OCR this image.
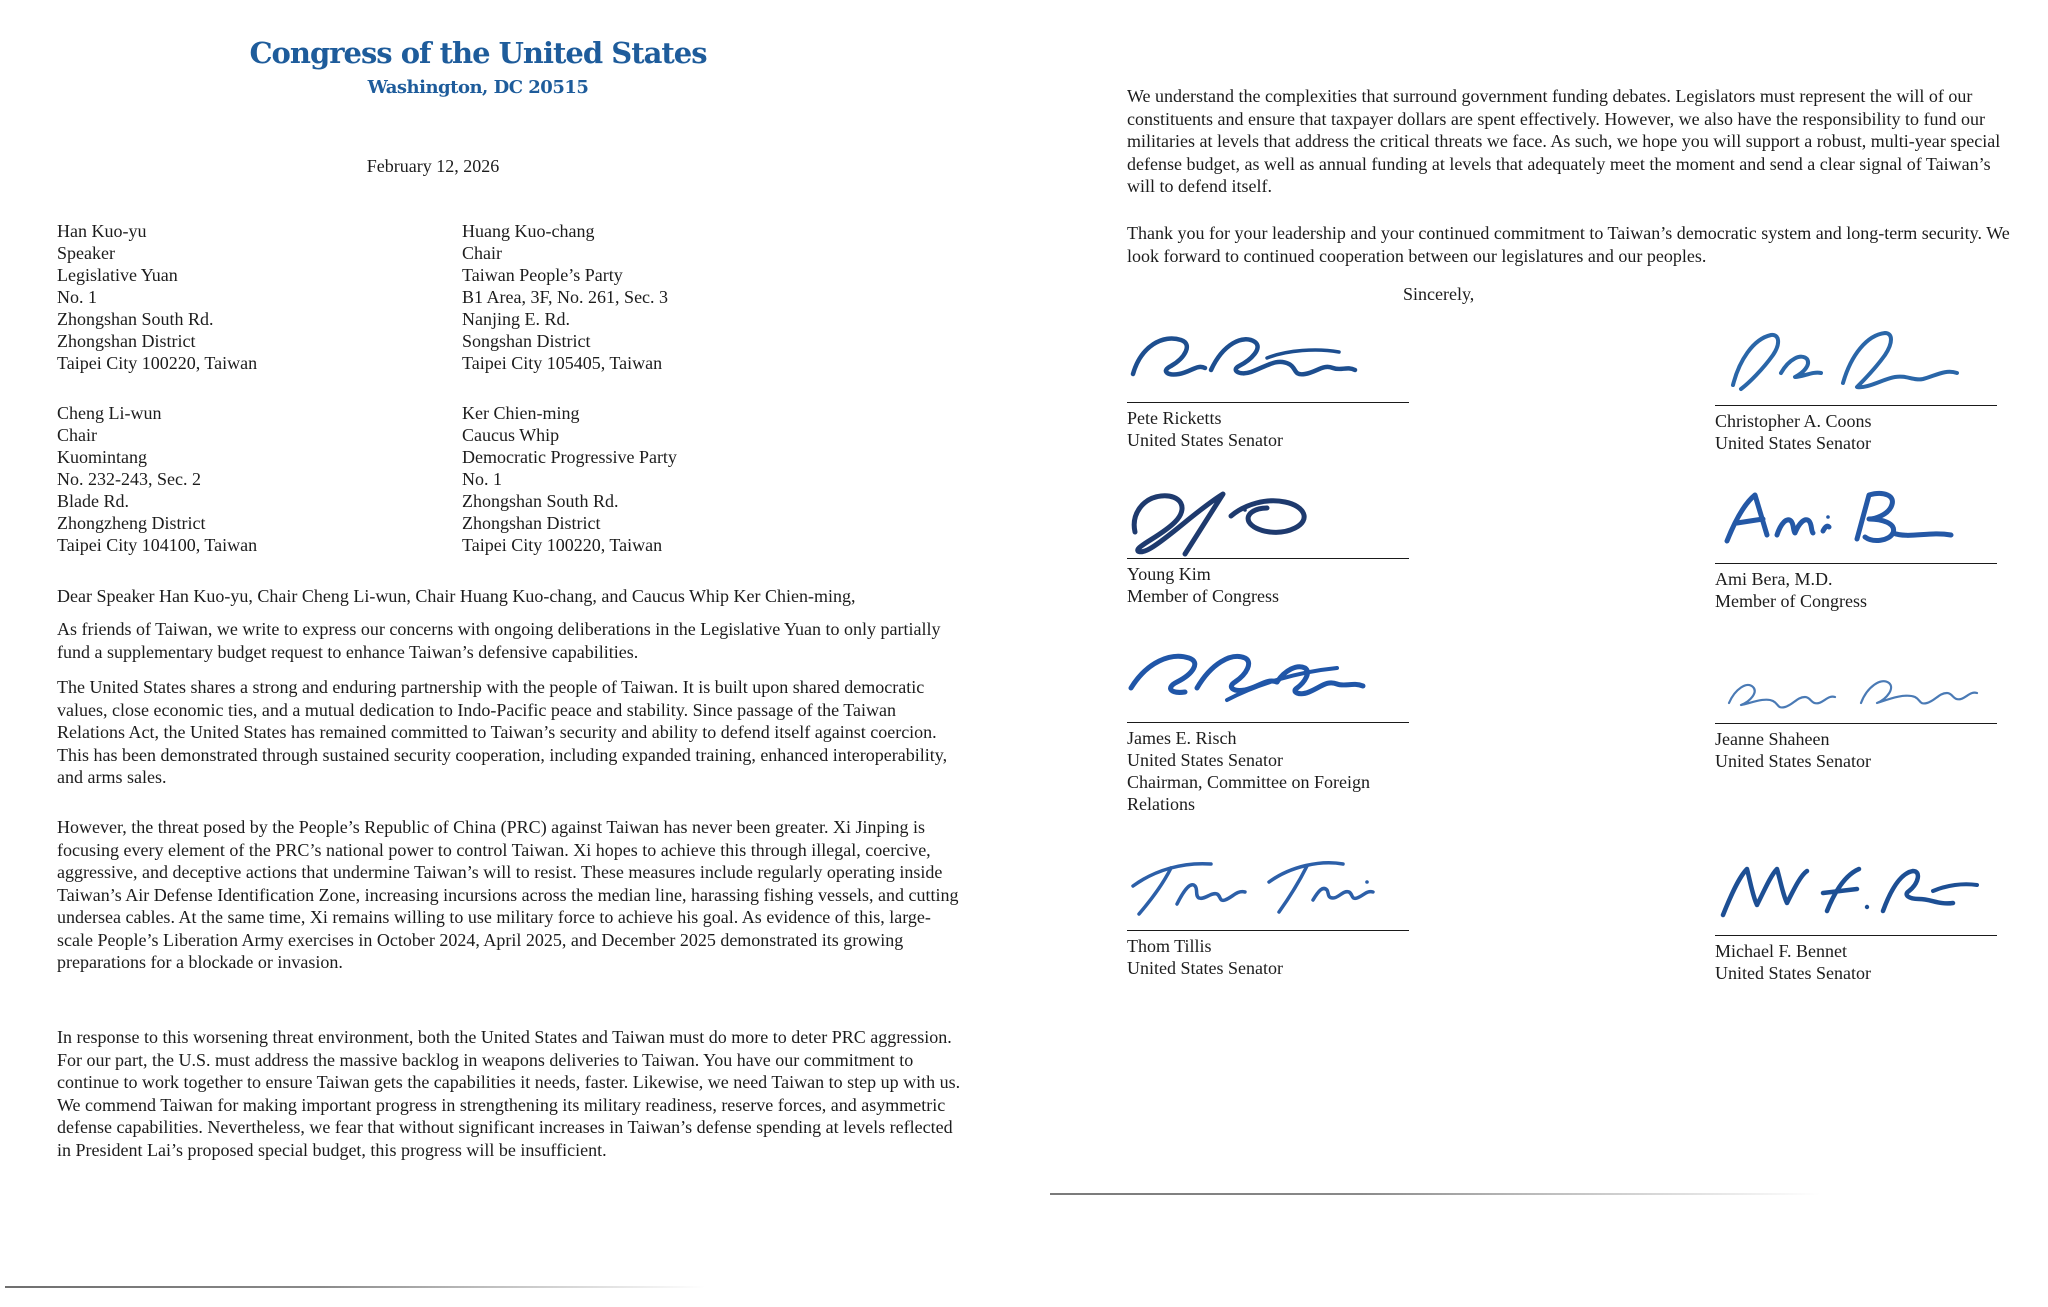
Congress of the United States
Washington, DC 20515
February 12, 2026
Han Kuo-yu
Speaker
Legislative Yuan
No. 1
Zhongshan South Rd.
Zhongshan District
Taipei City 100220, Taiwan
Huang Kuo-chang
Chair
Taiwan People’s Party
B1 Area, 3F, No. 261, Sec. 3
Nanjing E. Rd.
Songshan District
Taipei City 105405, Taiwan
Cheng Li-wun
Chair
Kuomintang
No. 232-243, Sec. 2
Blade Rd.
Zhongzheng District
Taipei City 104100, Taiwan
Ker Chien-ming
Caucus Whip
Democratic Progressive Party
No. 1
Zhongshan South Rd.
Zhongshan District
Taipei City 100220, Taiwan
Dear Speaker Han Kuo-yu, Chair Cheng Li-wun, Chair Huang Kuo-chang, and Caucus Whip Ker Chien-ming,

As friends of Taiwan, we write to express our concerns with ongoing deliberations in the Legislative Yuan to only partially fund a supplementary budget request to enhance Taiwan’s defensive capabilities.

The United States shares a strong and enduring partnership with the people of Taiwan. It is built upon shared democratic values, close economic ties, and a mutual dedication to Indo-Pacific peace and stability. Since passage of the Taiwan Relations Act, the United States has remained committed to Taiwan’s security and ability to defend itself against coercion. This has been demonstrated through sustained security cooperation, including expanded training, enhanced interoperability, and arms sales.

However, the threat posed by the People’s Republic of China (PRC) against Taiwan has never been greater. Xi Jinping is focusing every element of the PRC’s national power to control Taiwan. Xi hopes to achieve this through illegal, coercive, aggressive, and deceptive actions that undermine Taiwan’s will to resist. These measures include regularly operating inside Taiwan’s Air Defense Identification Zone, increasing incursions across the median line, harassing fishing vessels, and cutting undersea cables. At the same time, Xi remains willing to use military force to achieve his goal. As evidence of this, large-scale People’s Liberation Army exercises in October 2024, April 2025, and December 2025 demonstrated its growing preparations for a blockade or invasion.

In response to this worsening threat environment, both the United States and Taiwan must do more to deter PRC aggression. For our part, the U.S. must address the massive backlog in weapons deliveries to Taiwan. You have our commitment to continue to work together to ensure Taiwan gets the capabilities it needs, faster. Likewise, we need Taiwan to step up with us. We commend Taiwan for making important progress in strengthening its military readiness, reserve forces, and asymmetric defense capabilities. Nevertheless, we fear that without significant increases in Taiwan’s defense spending at levels reflected in President Lai’s proposed special budget, this progress will be insufficient.

We understand the complexities that surround government funding debates. Legislators must represent the will of our constituents and ensure that taxpayer dollars are spent effectively. However, we also have the responsibility to fund our militaries at levels that address the critical threats we face. As such, we hope you will support a robust, multi-year special defense budget, as well as annual funding at levels that adequately meet the moment and send a clear signal of Taiwan’s will to defend itself.

Thank you for your leadership and your continued commitment to Taiwan’s democratic system and long-term security. We look forward to continued cooperation between our legislatures and our peoples.

Sincerely,
Pete Ricketts
United States Senator
Christopher A. Coons
United States Senator
Young Kim
Member of Congress
Ami Bera, M.D.
Member of Congress
James E. Risch
United States Senator
Chairman, Committee on Foreign Relations
Jeanne Shaheen
United States Senator
Thom Tillis
United States Senator
Michael F. Bennet
United States Senator
